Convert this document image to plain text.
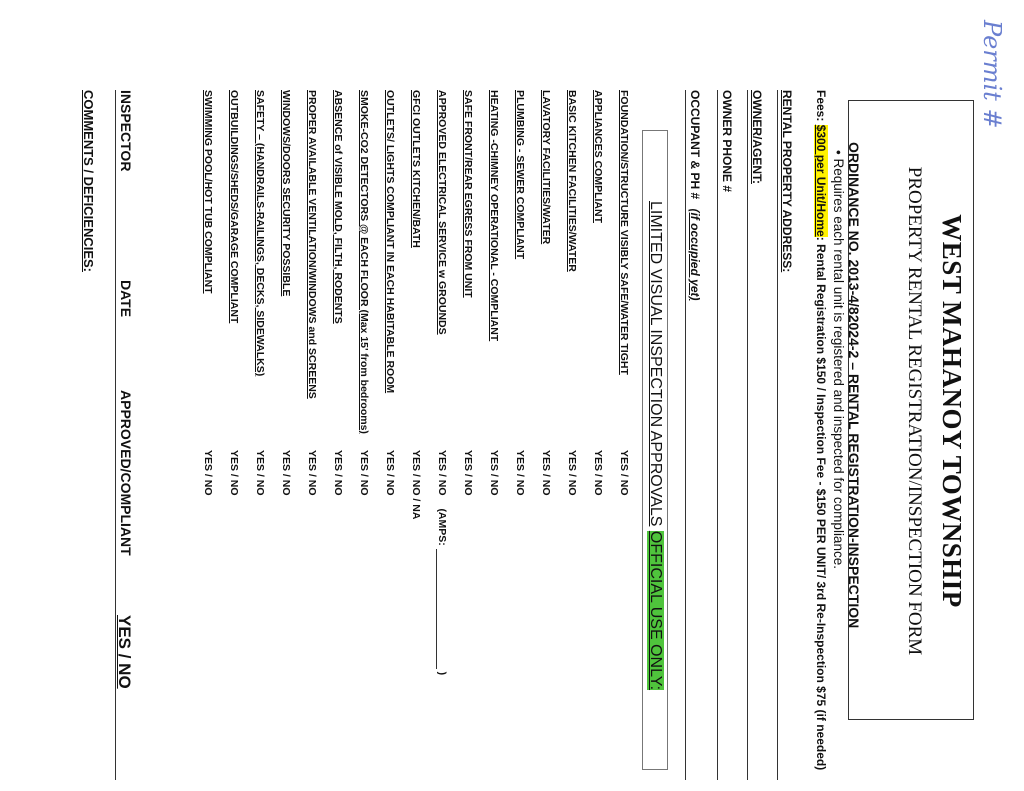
Permit #
WEST MAHANOY TOWNSHIP
PROPERTY RENTAL REGISTRATION/INSPECTION FORM
ORDINANCE NO. 2013-4/82024-2 – RENTAL REGISTRATION-INSPECTION
• Requires each rental unit is registered and inspected for compliance.
Fees: $300 per Unit/Home: Rental Registration $150 / Inspection Fee - $150 PER UNIT/ 3rd Re-Inspection $75 (if needed)
RENTAL PROPERTY ADDRESS:
OWNER/AGENT:
OWNER PHONE #
OCCUPANT & PH # (if occupied yet)
LIMITED VISUAL INSPECTION APPROVALS OFFICIAL USE ONLY:
FOUNDATION/STRUCTURE VISIBLY SAFE/WATER TIGHT
YES / NO
APPLIANCES COMPLIANT
YES / NO
BASIC KITCHEN FACILITIES/WATER
YES / NO
LAVATORY FACILITIES/WATER
YES / NO
PLUMBING - SEWER COMPLIANT
YES / NO
HEATING -CHIMNEY OPERATIONAL - COMPLIANT
YES / NO
SAFE FRONT/REAR EGRESS FROM UNIT
YES / NO
APPROVED ELECTRICAL SERVICE w GROUNDS
YES / NO (AMPS:  )
GFCI OUTLETS KITCHEN/BATH
YES / NO / NA
OUTLETS/ LIGHTS COMPLIANT IN EACH HABITABLE ROOM
YES / NO
SMOKE-CO2 DETECTORS @ EACH FLOOR (Max 15' from bedrooms)
YES / NO
ABSENCE of VISIBLE MOLD, FILTH, RODENTS
YES / NO
PROPER AVAILABLE VENTILATION/WINDOWS and SCREENS
YES / NO
WINDOWS/DOORS SECURITY POSSIBLE
YES / NO
SAFETY – (HANDRAILS-RAILINGS, DECKS, SIDEWALKS)
YES / NO
OUTBUILDINGS/SHEDS/GARAGE COMPLIANT
YES / NO
SWIMMING POOL/HOT TUB COMPLIANT
YES / NO
INSPECTOR
DATE
APPROVED/COMPLIANT
YES / NO
COMMENTS / DEFICIENCIES:
